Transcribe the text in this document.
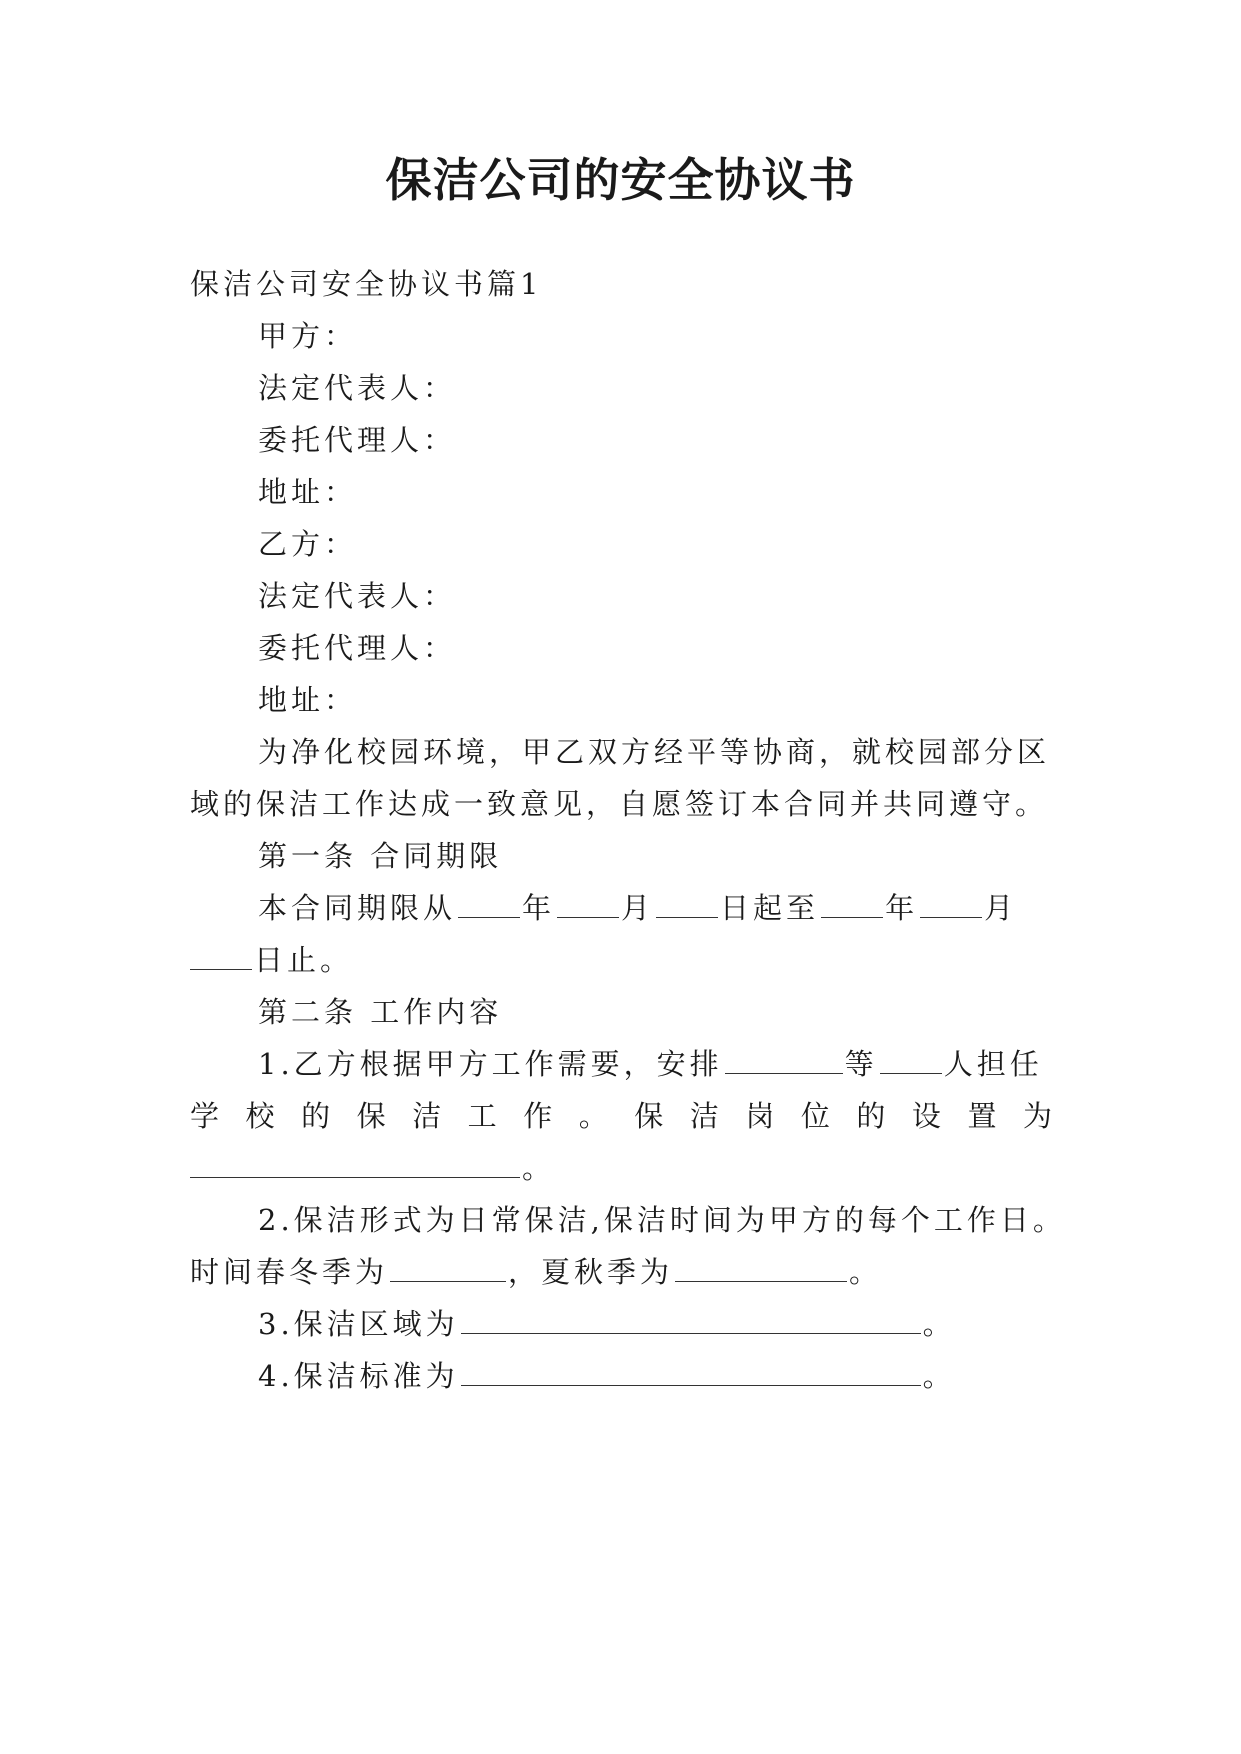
保洁公司的安全协议书
保洁公司安全协议书篇1
甲方：
法定代表人：
委托代理人：
地址：
乙方：
法定代表人：
委托代理人：
地址：
为净化校园环境，甲乙双方经平等协商，就校园部分区
域的保洁工作达成一致意见，自愿签订本合同并共同遵守。
第一条 合同期限
本合同期限从 年 月 日起至 年 月
日止。
第二条 工作内容
1.乙方根据甲方工作需要，安排	等 人担任
学 校 的 保 洁 工 作 。 保 洁 岗 位 的 设 置 为
。
2.保洁形式为日常保洁,保洁时间为甲方的每个工作日。
时间春冬季为	，夏秋季为	。
3.保洁区域为	。
4.保洁标准为	。
